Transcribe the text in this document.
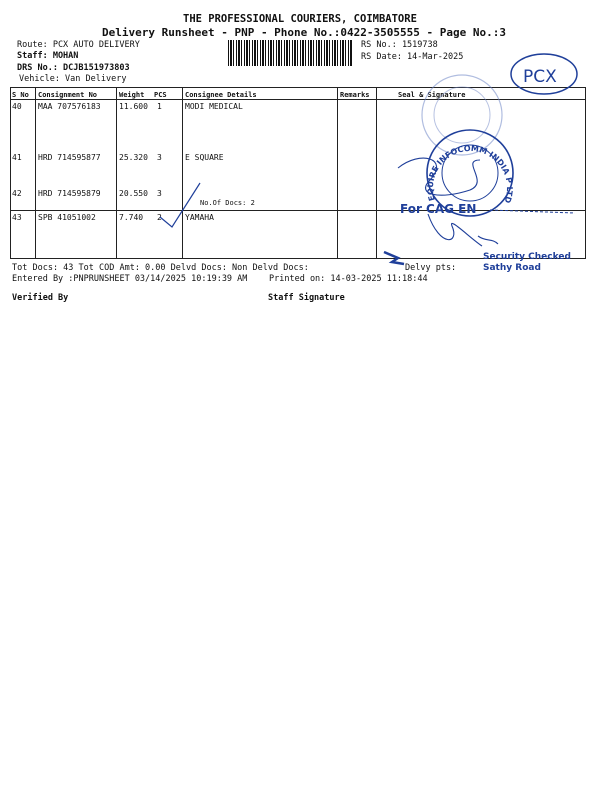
THE PROFESSIONAL COURIERS, COIMBATORE
Delivery Runsheet - PNP - Phone No.:0422-3505555 - Page No.:3
Route: PCX AUTO DELIVERY
Staff: MOHAN
DRS No.: DCJB151973803
Vehicle: Van Delivery
RS No.: 1519738
RS Date: 14-Mar-2025
S No Consignment No	Weight PCS	Consignee Details	Remarks	Seal & Signature
40 MAA 707576183 11.600 1	MODI MEDICAL
41 HRD 714595877 25.320 3	E SQUARE
42 HRD 714595879 20.550 3
No.Of Docs: 2
43 SPB 41051002	7.740 2	YAMAHA
PCX
EQUIRE INFOCOMM INDIA P LTD
For CAG EN
Security Checked
Sathy Road
Tot Docs: 43 Tot COD Amt: 0.00 Delvd Docs: Non Delvd Docs:	Delvy pts:
Entered By :PNPRUNSHEET 03/14/2025 10:19:39 AM	Printed on: 14-03-2025 11:18:44
Verified By	Staff Signature
